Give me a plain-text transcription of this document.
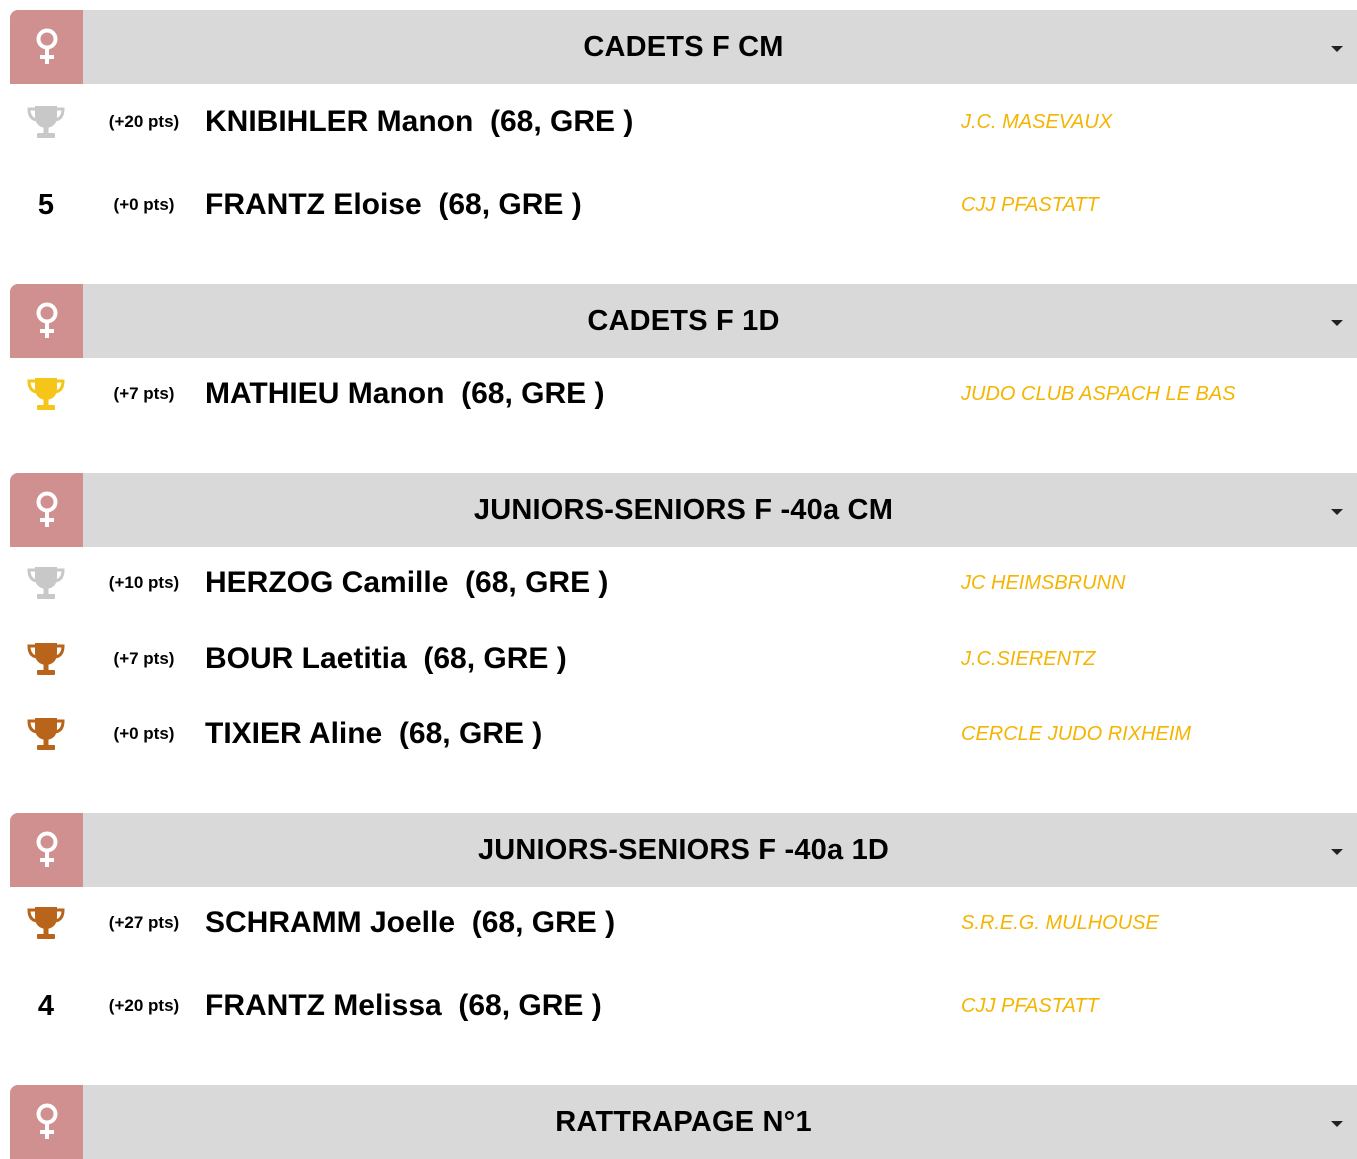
CADETS F CM
(+20 pts) KNIBIHLER Manon  (68, GRE )	J.C. MASEVAUX
5	(+0 pts)	FRANTZ Eloise  (68, GRE )	CJJ PFASTATT
CADETS F 1D
(+7 pts)	MATHIEU Manon  (68, GRE )	JUDO CLUB ASPACH LE BAS
JUNIORS-SENIORS F -40a CM
(+10 pts) HERZOG Camille  (68, GRE )	JC HEIMSBRUNN
(+7 pts)	BOUR Laetitia  (68, GRE )	J.C.SIERENTZ
(+0 pts)	TIXIER Aline  (68, GRE )	CERCLE JUDO RIXHEIM
JUNIORS-SENIORS F -40a 1D
(+27 pts) SCHRAMM Joelle  (68, GRE )	S.R.E.G. MULHOUSE
4	(+20 pts) FRANTZ Melissa  (68, GRE )	CJJ PFASTATT
RATTRAPAGE N°1
